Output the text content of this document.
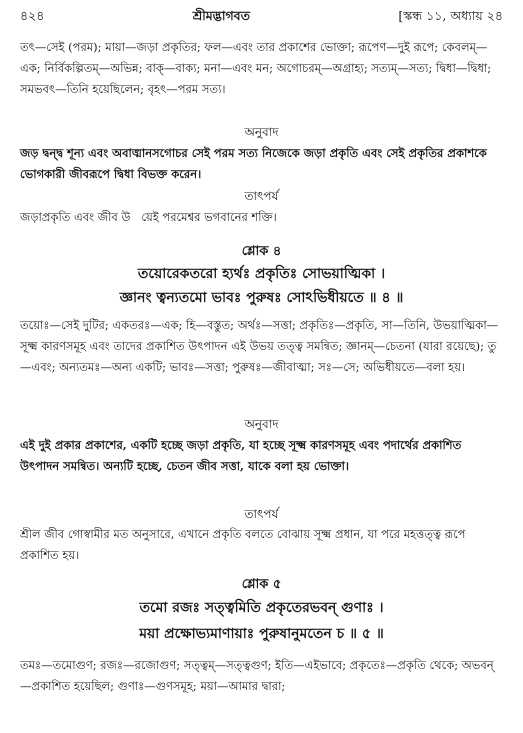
৪২৪	শ্রীমদ্ভাগবত	[স্কন্ধ ১১, অধ্যায় ২৪
তৎ—সেই (পরম); মায়া—জড়া প্রকৃতির; ফল—এবং তার প্রকাশের ভোক্তা; রূপেণ—দুই রূপে; কেবলম্—এক; নির্বিকল্পিতম্—অভিন্ন; বাক্—বাক্য; মনা—এবং মন; অগোচরম্—অগ্রাহ্য; সত্যম্—সত্য; দ্বিধা—দ্বিধা; সমভবৎ—তিনি হয়েছিলেন; বৃহৎ—পরম সত্য।
অনুবাদ
জড় দ্বন্দ্ব শূন্য এবং অবাঙ্মানসগোচর সেই পরম সত্য নিজেকে জড়া প্রকৃতি এবং সেই প্রকৃতির প্রকাশকে ভোগকারী জীবরূপে দ্বিধা বিভক্ত করেন।
তাৎপর্য
জড়াপ্রকৃতি এবং জীব উ ‌‌ ‌‌ ‌‌য়েই পরমেশ্বর ভগবানের শক্তি।
শ্লোক ৪
তয়োরেকতরো হ্যর্থঃ প্রকৃতিঃ সোভয়াত্মিকা ।
জ্ঞানং ত্বন্যতমো ভাবঃ পুরুষঃ সোঽভিধীয়তে ॥ ৪ ॥
তয়োঃ—সেই দুটির; একতরঃ—এক; হি—বস্তুত; অর্থঃ—সত্তা; প্রকৃতিঃ—প্রকৃতি, সা—তিনি, উভয়াত্মিকা—সূক্ষ্ম কারণসমূহ এবং তাদের প্রকাশিত উৎপাদন এই উভয় তত্ত্ব সমন্বিত; জ্ঞানম্—চেতনা (যারা রয়েছে); তু—এবং; অন্যতমঃ—অন্য একটি; ভাবঃ—সত্তা; পুরুষঃ—জীবাত্মা; সঃ—সে; অভিধীয়তে—বলা হয়।
অনুবাদ
এই দুই প্রকার প্রকাশের, একটি হচ্ছে জড়া প্রকৃতি, যা হচ্ছে সূক্ষ্ম কারণসমূহ এবং পদার্থের প্রকাশিত উৎপাদন সমন্বিত। অন্যটি হচ্ছে, চেতন জীব সত্তা, যাকে বলা হয় ভোক্তা।
তাৎপর্য
শ্রীল জীব গোস্বামীর মত অনুসারে, এখানে প্রকৃতি বলতে বোঝায় সূক্ষ্ম প্রধান, যা পরে মহত্তত্ত্ব রূপে প্রকাশিত হয়।
শ্লোক ৫
তমো রজঃ সত্ত্বমিতি প্রকৃতেরভবন্ গুণাঃ ।
ময়া প্রক্ষোভ্যমাণায়াঃ পুরুষানুমতেন চ ॥ ৫ ॥
তমঃ—তমোগুণ; রজঃ—রজোগুণ; সত্ত্বম্—সত্ত্বগুণ; ইতি—এইভাবে; প্রকৃতেঃ—প্রকৃতি থেকে; অভবন্—প্রকাশিত হয়েছিল; গুণাঃ—গুণসমূহ; ময়া—আমার দ্বারা;
